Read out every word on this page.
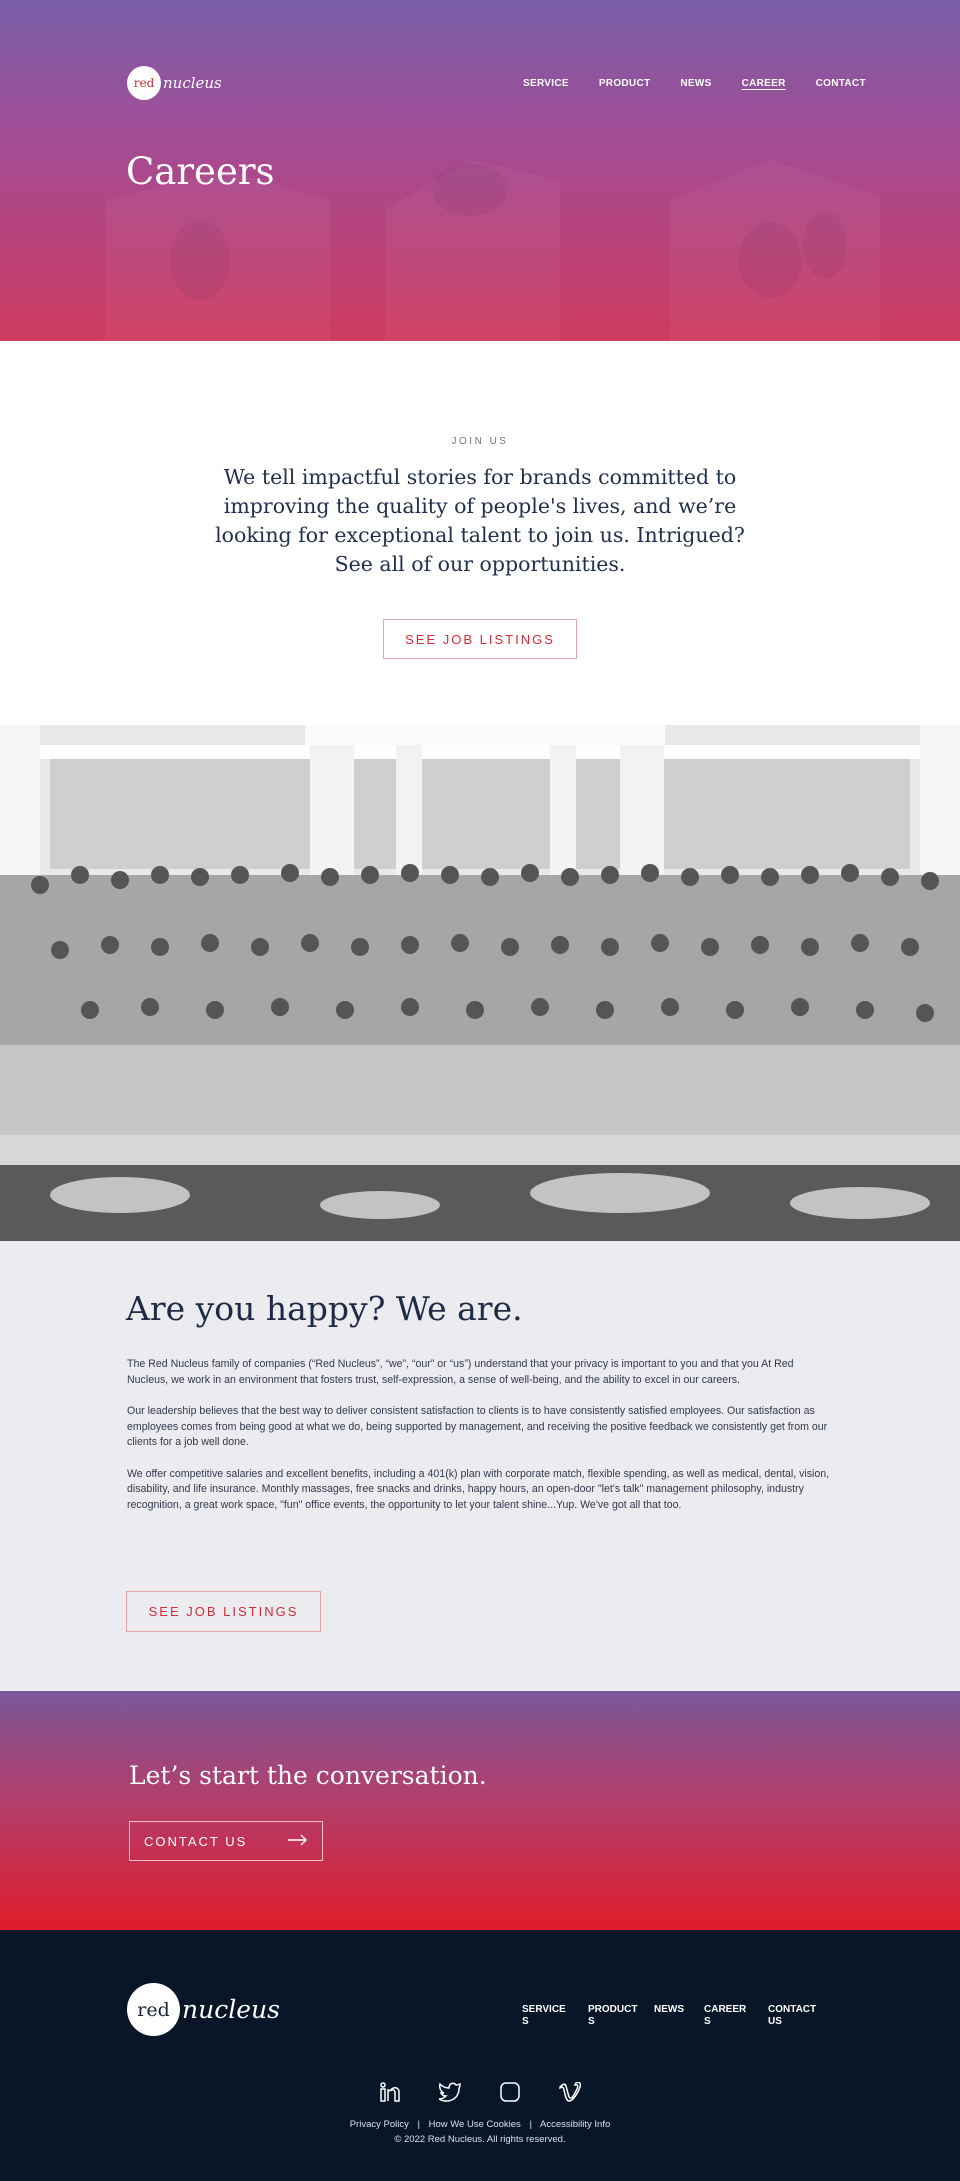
red nucleus	SERVICE	PRODUCT	NEWS	CAREER	CONTACT
Careers
JOIN US

We tell impactful stories for brands committed to improving the quality of people's lives, and we’re looking for exceptional talent to join us. Intrigued? See all of our opportunities.

SEE JOB LISTINGS
Are you happy? We are.

The Red Nucleus family of companies (“Red Nucleus”, “we”, “our” or “us”) understand that your privacy is important to you and that you At Red Nucleus, we work in an environment that fosters trust, self-expression, a sense of well-being, and the ability to excel in our careers.

Our leadership believes that the best way to deliver consistent satisfaction to clients is to have consistently satisfied employees. Our satisfaction as employees comes from being good at what we do, being supported by management, and receiving the positive feedback we consistently get from our clients for a job well done.

We offer competitive salaries and excellent benefits, including a 401(k) plan with corporate match, flexible spending, as well as medical, dental, vision, disability, and life insurance. Monthly massages, free snacks and drinks, happy hours, an open-door "let's talk" management philosophy, industry recognition, a great work space, "fun" office events, the opportunity to let your talent shine...Yup. We've got all that too.

SEE JOB LISTINGS
Let’s start the conversation.
CONTACT US
red nucleus	SERVICE
S
PRODUCT
S
NEWS	CAREER
S
CONTACT
US
Privacy Policy | How We Use Cookies | Accessibility Info
© 2022 Red Nucleus. All rights reserved.
